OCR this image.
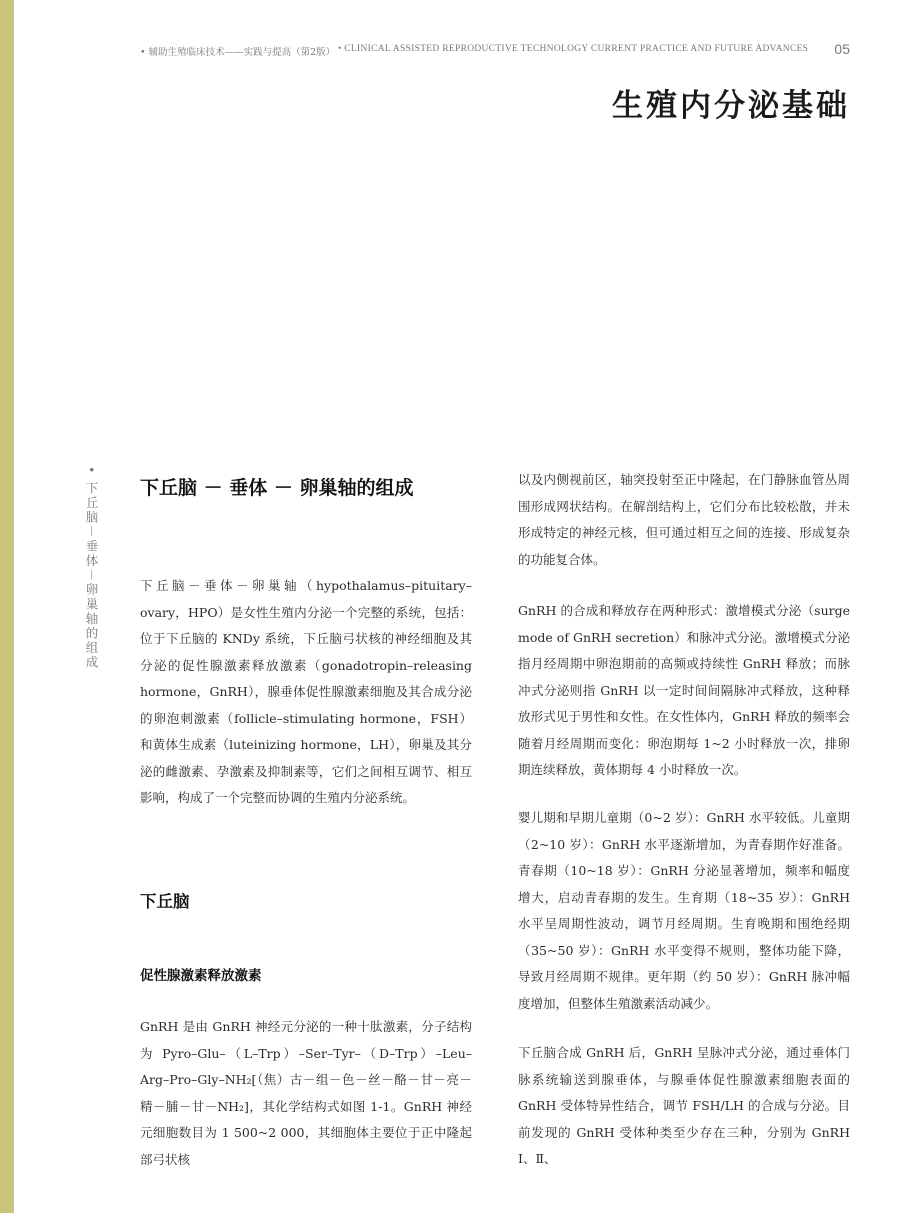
• 辅助生殖临床技术——实践与提高（第2版） • CLINICAL ASSISTED REPRODUCTIVE TECHNOLOGY CURRENT PRACTICE AND FUTURE ADVANCES 05
生殖内分泌基础
• 下丘脑－垂体－卵巢轴的组成 下丘脑 － 垂体 － 卵巢轴的组成

下丘脑－垂体－卵巢轴（hypothalamus–pituitary–ovary，HPO）是女性生殖内分泌一个完整的系统，包括：位于下丘脑的 KNDy 系统，下丘脑弓状核的神经细胞及其分泌的促性腺激素释放激素（gonadotropin–releasing hormone，GnRH），腺垂体促性腺激素细胞及其合成分泌的卵泡刺激素（follicle–stimulating hormone，FSH）和黄体生成素（luteinizing hormone，LH），卵巢及其分泌的雌激素、孕激素及抑制素等，它们之间相互调节、相互影响，构成了一个完整而协调的生殖内分泌系统。

下丘脑
促性腺激素释放激素

GnRH 是由 GnRH 神经元分泌的一种十肽激素，分子结构为 Pyro–Glu–（L–Trp）–Ser–Tyr–（D–Trp）–Leu–Arg–Pro–Gly–NH₂[（焦）古－组－色－丝－酪－甘－亮－精－脯－甘－NH₂]，其化学结构式如图 1-1。GnRH 神经元细胞数目为 1 500~2 000，其细胞体主要位于正中隆起部弓状核

以及内侧视前区，轴突投射至正中隆起，在门静脉血管丛周围形成网状结构。在解剖结构上，它们分布比较松散，并未形成特定的神经元核，但可通过相互之间的连接、形成复杂的功能复合体。

GnRH 的合成和释放存在两种形式：激增模式分泌（surge mode of GnRH secretion）和脉冲式分泌。激增模式分泌指月经周期中卵泡期前的高频或持续性 GnRH 释放；而脉冲式分泌则指 GnRH 以一定时间间隔脉冲式释放，这种释放形式见于男性和女性。在女性体内，GnRH 释放的频率会随着月经周期而变化：卵泡期每 1~2 小时释放一次，排卵期连续释放，黄体期每 4 小时释放一次。

婴儿期和早期儿童期（0~2 岁）：GnRH 水平较低。儿童期（2~10 岁）：GnRH 水平逐渐增加，为青春期作好准备。青春期（10~18 岁）：GnRH 分泌显著增加，频率和幅度增大，启动青春期的发生。生育期（18~35 岁）：GnRH 水平呈周期性波动，调节月经周期。生育晚期和围绝经期（35~50 岁）：GnRH 水平变得不规则，整体功能下降，导致月经周期不规律。更年期（约 50 岁）：GnRH 脉冲幅度增加，但整体生殖激素活动减少。

下丘脑合成 GnRH 后，GnRH 呈脉冲式分泌，通过垂体门脉系统输送到腺垂体，与腺垂体促性腺激素细胞表面的 GnRH 受体特异性结合，调节 FSH/LH 的合成与分泌。目前发现的 GnRH 受体种类至少存在三种，分别为 GnRH Ⅰ、Ⅱ、
